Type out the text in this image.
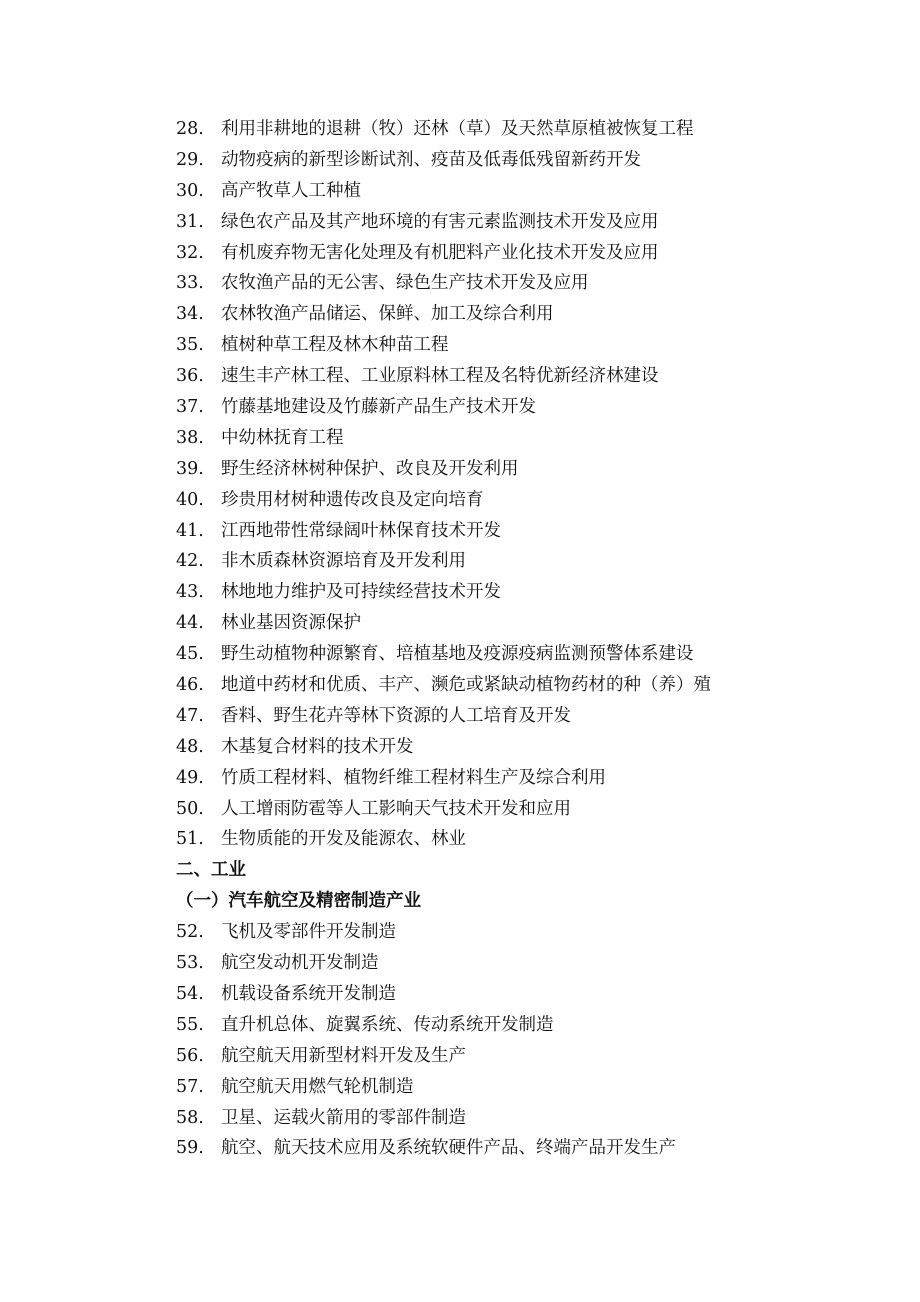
28. 利用非耕地的退耕（牧）还林（草）及天然草原植被恢复工程
29. 动物疫病的新型诊断试剂、疫苗及低毒低残留新药开发
30. 高产牧草人工种植
31. 绿色农产品及其产地环境的有害元素监测技术开发及应用
32. 有机废弃物无害化处理及有机肥料产业化技术开发及应用
33. 农牧渔产品的无公害、绿色生产技术开发及应用
34. 农林牧渔产品储运、保鲜、加工及综合利用
35. 植树种草工程及林木种苗工程
36. 速生丰产林工程、工业原料林工程及名特优新经济林建设
37. 竹藤基地建设及竹藤新产品生产技术开发
38. 中幼林抚育工程
39. 野生经济林树种保护、改良及开发利用
40. 珍贵用材树种遗传改良及定向培育
41. 江西地带性常绿阔叶林保育技术开发
42. 非木质森林资源培育及开发利用
43. 林地地力维护及可持续经营技术开发
44. 林业基因资源保护
45. 野生动植物种源繁育、培植基地及疫源疫病监测预警体系建设
46. 地道中药材和优质、丰产、濒危或紧缺动植物药材的种（养）殖
47. 香料、野生花卉等林下资源的人工培育及开发
48. 木基复合材料的技术开发
49. 竹质工程材料、植物纤维工程材料生产及综合利用
50. 人工增雨防雹等人工影响天气技术开发和应用
51. 生物质能的开发及能源农、林业
二、工业
（一）汽车航空及精密制造产业
52. 飞机及零部件开发制造
53. 航空发动机开发制造
54. 机载设备系统开发制造
55. 直升机总体、旋翼系统、传动系统开发制造
56. 航空航天用新型材料开发及生产
57. 航空航天用燃气轮机制造
58. 卫星、运载火箭用的零部件制造
59. 航空、航天技术应用及系统软硬件产品、终端产品开发生产
